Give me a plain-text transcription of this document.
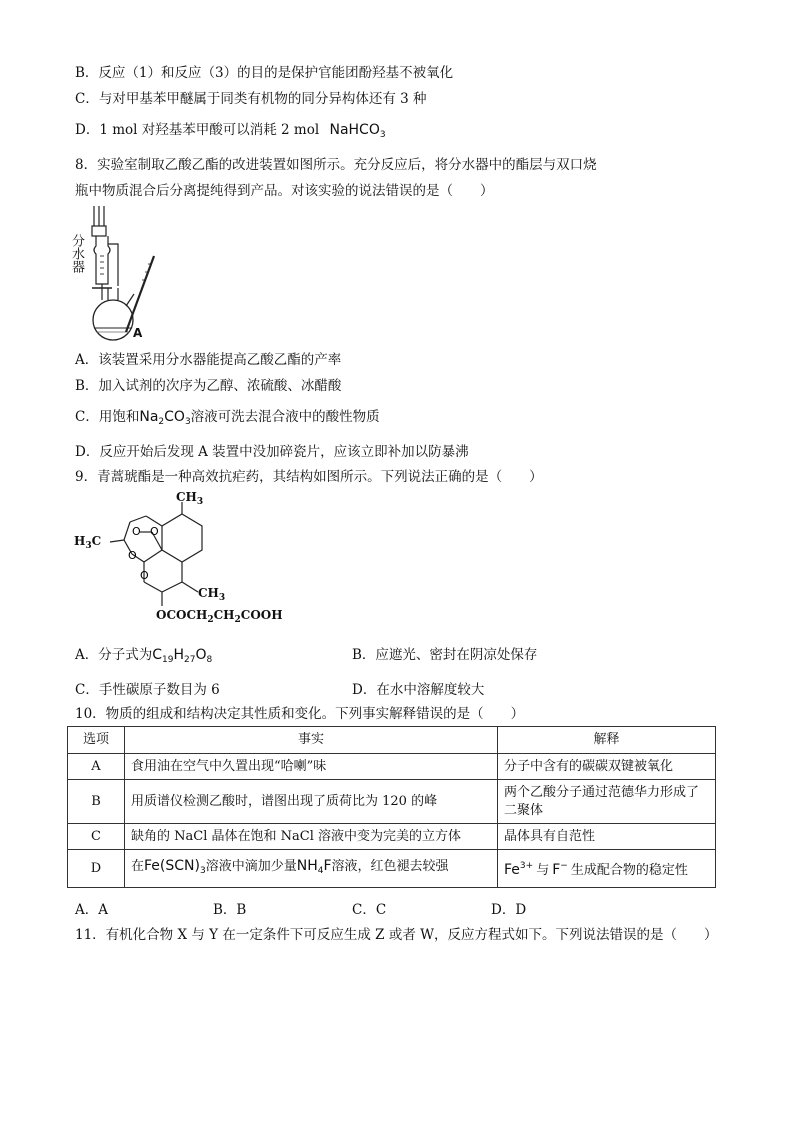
B．反应（1）和反应（3）的目的是保护官能团酚羟基不被氧化
C．与对甲基苯甲醚属于同类有机物的同分异构体还有 3 种
D．1 mol 对羟基苯甲酸可以消耗 2 mol NaHCO$_3$
8．实验室制取乙酸乙酯的改进装置如图所示。充分反应后，将分水器中的酯层与双口烧
瓶中物质混合后分离提纯得到产品。对该实验的说法错误的是（　　）
分水器
A
A．该装置采用分水器能提高乙酸乙酯的产率
B．加入试剂的次序为乙醇、浓硫酸、冰醋酸
C．用饱和$Na_2CO_3$溶液可洗去混合液中的酸性物质
D．反应开始后发现 A 装置中没加碎瓷片，应该立即补加以防暴沸
9．青蒿琥酯是一种高效抗疟药，其结构如图所示。下列说法正确的是（　　）
O O
O
O
$CH_3$
$H_3C$
$CH_3$
$OCOCH_2CH_2COOH$
A．分子式为$C_{19}H_{27}O_8$	B．应遮光、密封在阴凉处保存
C．手性碳原子数目为 6	D．在水中溶解度较大
10．物质的组成和结构决定其性质和变化。下列事实解释错误的是（　　）
选项	事实	解释
A	食用油在空气中久置出现“哈喇”味	分子中含有的碳碳双键被氧化
B	用质谱仪检测乙酸时，谱图出现了质荷比为 120 的峰	两个乙酸分子通过范德华力形成了二聚体
C	缺角的 NaCl 晶体在饱和 NaCl 溶液中变为完美的立方体	晶体具有自范性
D	在$Fe(SCN)_3$溶液中滴加少量$NH_4F$溶液，红色褪去较强	$Fe^{3+}$ 与 F− 生成配合物的稳定性
A．A	B．B	C．C	D．D
11．有机化合物 X 与 Y 在一定条件下可反应生成 Z 或者 W，反应方程式如下。下列说法错误的是（　　）
